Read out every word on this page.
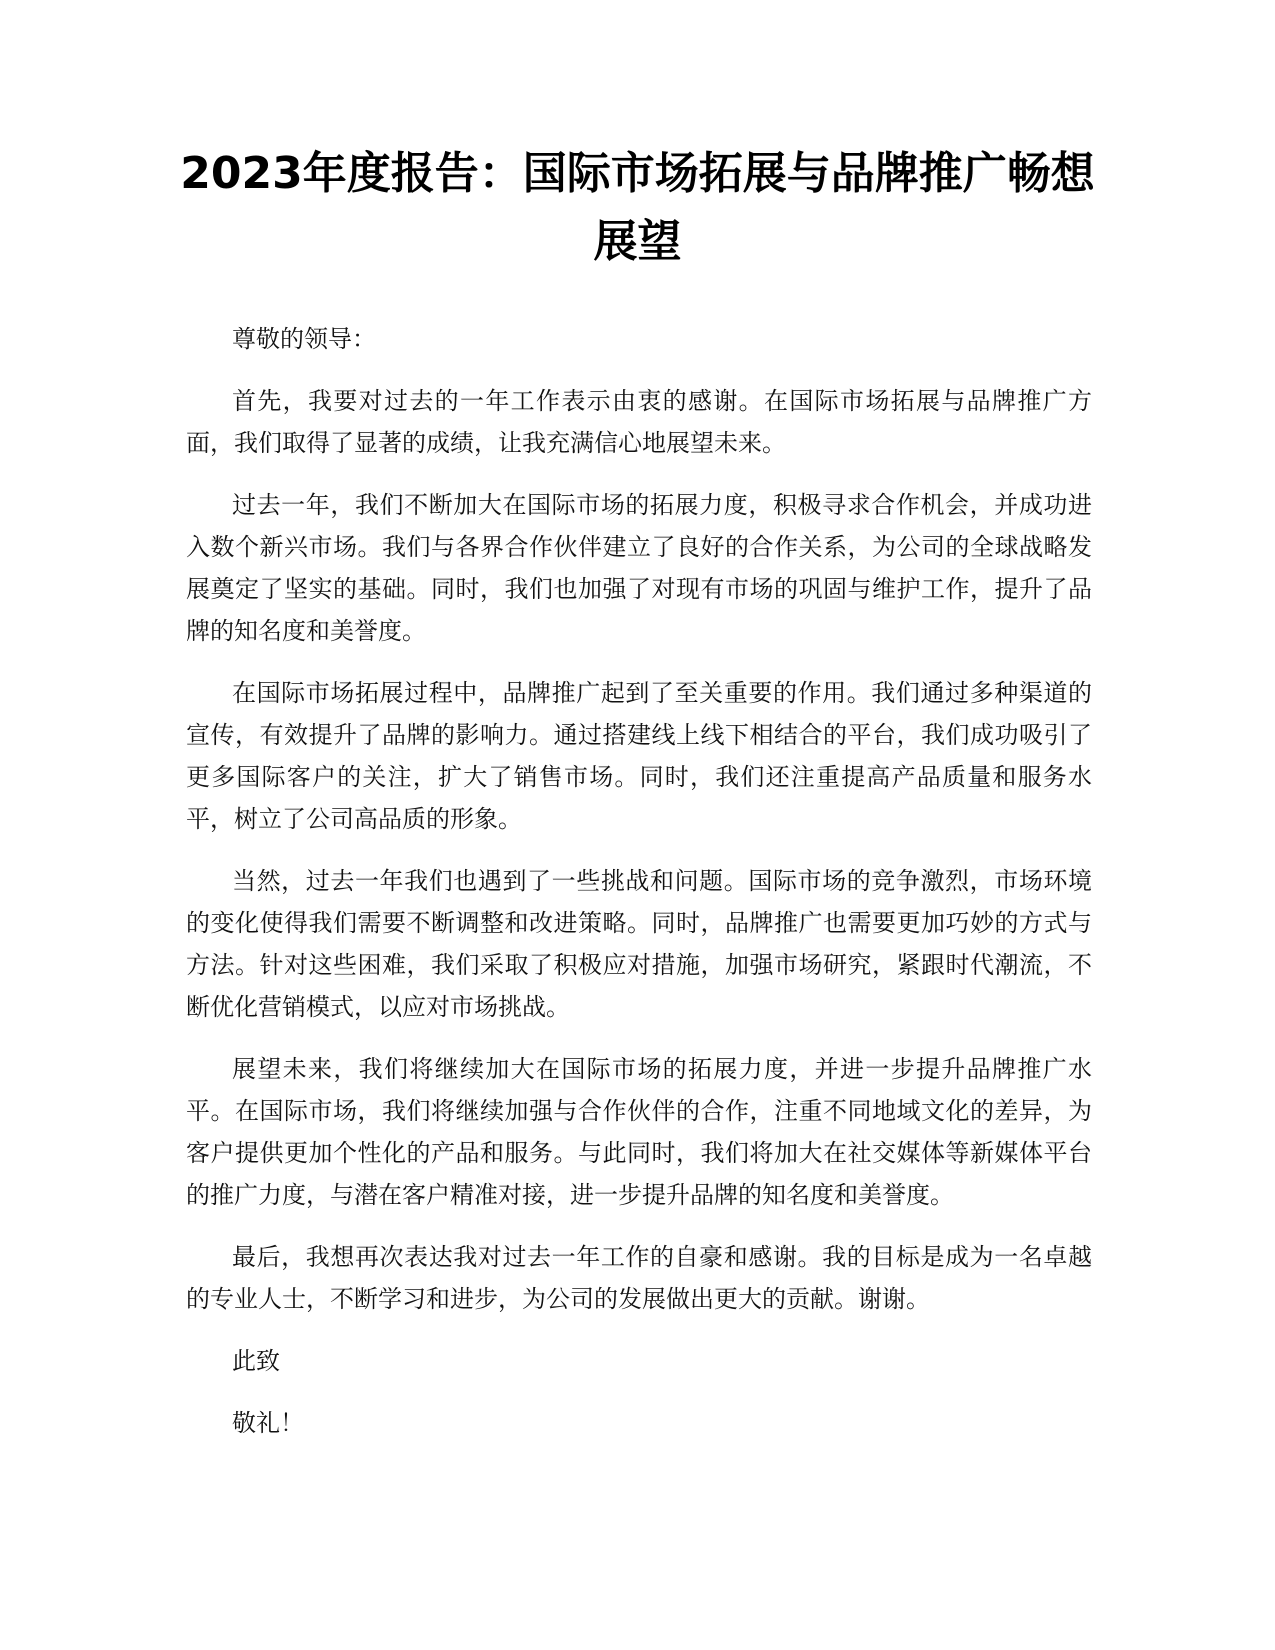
2023年度报告：国际市场拓展与品牌推广畅想展望

尊敬的领导：

首先，我要对过去的一年工作表示由衷的感谢。在国际市场拓展与品牌推广方面，我们取得了显著的成绩，让我充满信心地展望未来。

过去一年，我们不断加大在国际市场的拓展力度，积极寻求合作机会，并成功进入数个新兴市场。我们与各界合作伙伴建立了良好的合作关系，为公司的全球战略发展奠定了坚实的基础。同时，我们也加强了对现有市场的巩固与维护工作，提升了品牌的知名度和美誉度。

在国际市场拓展过程中，品牌推广起到了至关重要的作用。我们通过多种渠道的宣传，有效提升了品牌的影响力。通过搭建线上线下相结合的平台，我们成功吸引了更多国际客户的关注，扩大了销售市场。同时，我们还注重提高产品质量和服务水平，树立了公司高品质的形象。

当然，过去一年我们也遇到了一些挑战和问题。国际市场的竞争激烈，市场环境的变化使得我们需要不断调整和改进策略。同时，品牌推广也需要更加巧妙的方式与方法。针对这些困难，我们采取了积极应对措施，加强市场研究，紧跟时代潮流，不断优化营销模式，以应对市场挑战。

展望未来，我们将继续加大在国际市场的拓展力度，并进一步提升品牌推广水平。在国际市场，我们将继续加强与合作伙伴的合作，注重不同地域文化的差异，为客户提供更加个性化的产品和服务。与此同时，我们将加大在社交媒体等新媒体平台的推广力度，与潜在客户精准对接，进一步提升品牌的知名度和美誉度。

最后，我想再次表达我对过去一年工作的自豪和感谢。我的目标是成为一名卓越的专业人士，不断学习和进步，为公司的发展做出更大的贡献。谢谢。

此致

敬礼！
